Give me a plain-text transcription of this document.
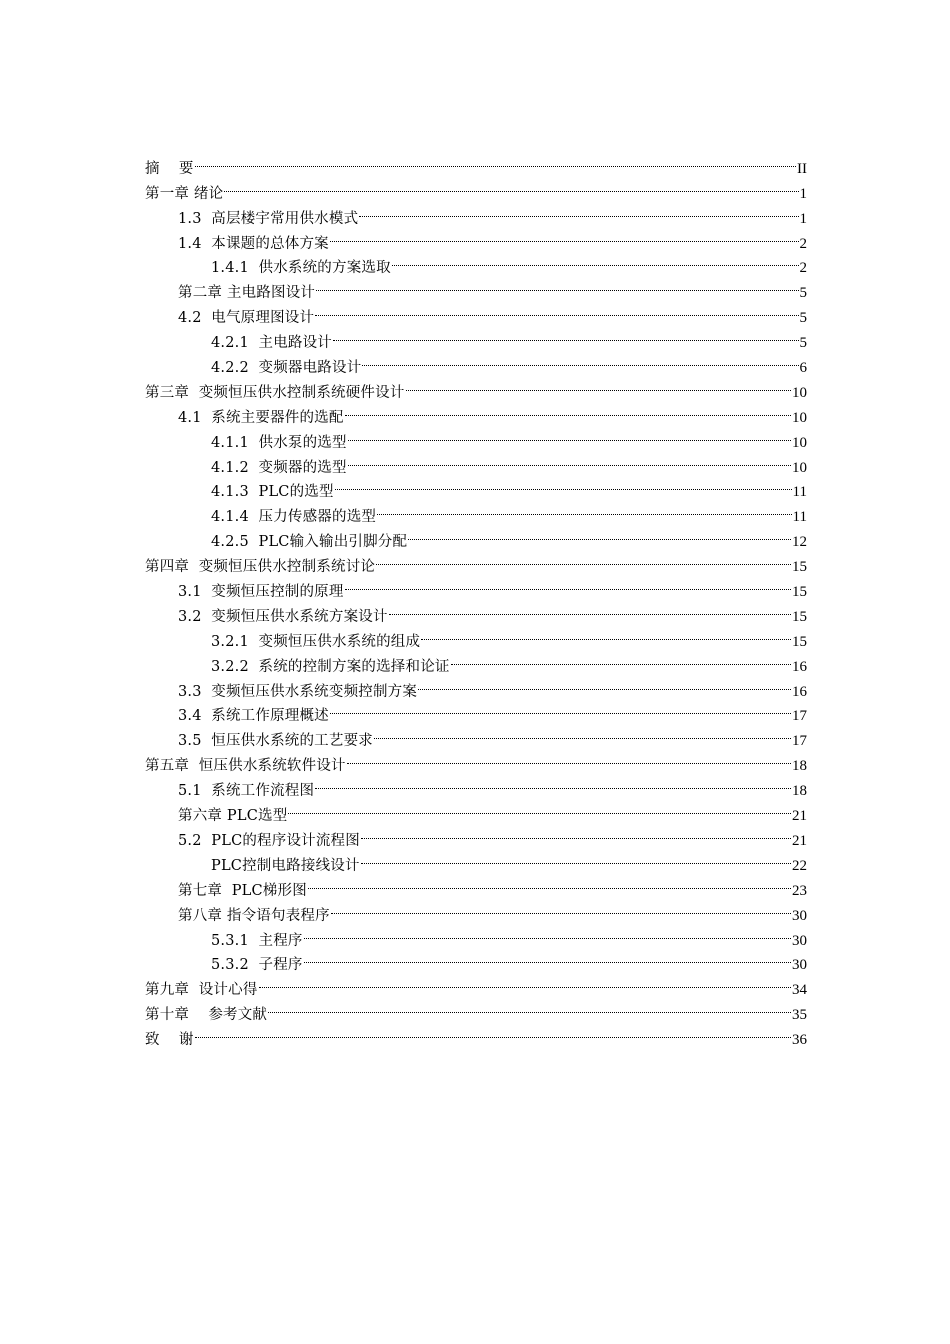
摘    要	II
第一章 绪论	1
1.3  高层楼宇常用供水模式	1
1.4  本课题的总体方案	2
1.4.1  供水系统的方案选取	2
第二章 主电路图设计	5
4.2  电气原理图设计	5
4.2.1  主电路设计	5
4.2.2  变频器电路设计	6
第三章  变频恒压供水控制系统硬件设计	10
4.1  系统主要器件的选配	10
4.1.1  供水泵的选型	10
4.1.2  变频器的选型	10
4.1.3  PLC的选型	11
4.1.4  压力传感器的选型	11
4.2.5  PLC输入输出引脚分配	12
第四章  变频恒压供水控制系统讨论	15
3.1  变频恒压控制的原理	15
3.2  变频恒压供水系统方案设计	15
3.2.1  变频恒压供水系统的组成	15
3.2.2  系统的控制方案的选择和论证	16
3.3  变频恒压供水系统变频控制方案	16
3.4  系统工作原理概述	17
3.5  恒压供水系统的工艺要求	17
第五章  恒压供水系统软件设计	18
5.1  系统工作流程图	18
第六章 PLC选型	21
5.2  PLC的程序设计流程图	21
PLC控制电路接线设计	22
第七章  PLC梯形图	23
第八章 指令语句表程序	30
5.3.1  主程序	30
5.3.2  子程序	30
第九章  设计心得	34
第十章    参考文献	35
致    谢	36
